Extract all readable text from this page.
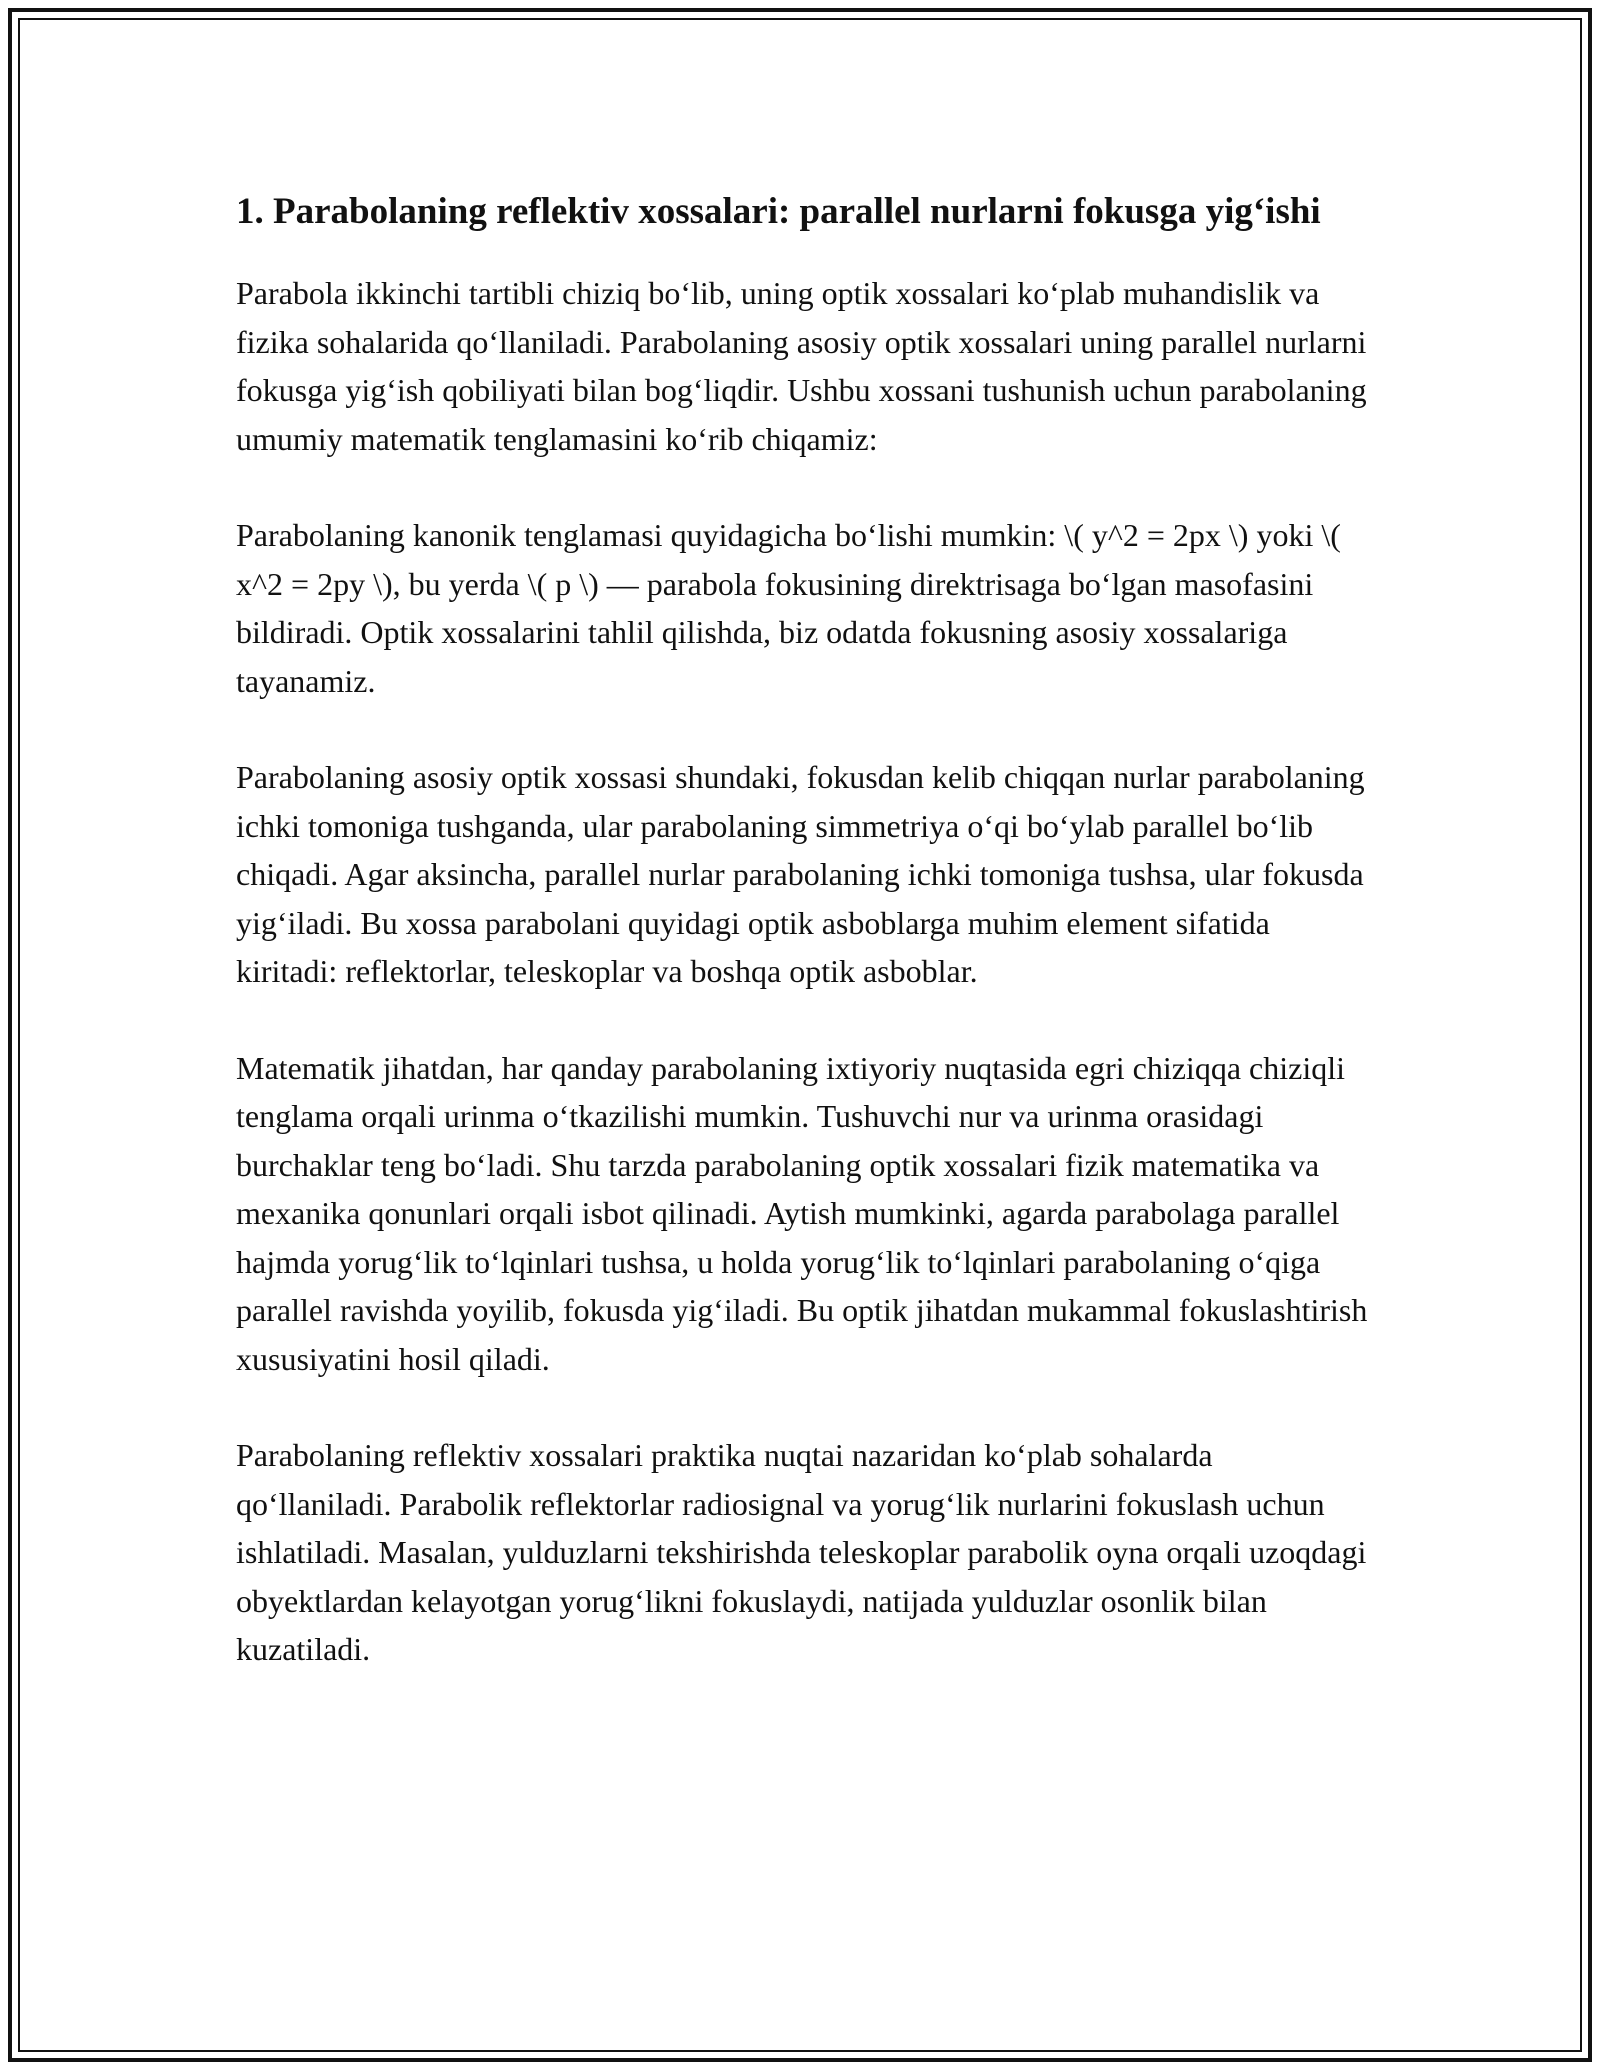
1. Parabolaning reflektiv xossalari: parallel nurlarni fokusga yig‘ishi

Parabola ikkinchi tartibli chiziq bo‘lib, uning optik xossalari ko‘plab muhandislik va fizika sohalarida qo‘llaniladi. Parabolaning asosiy optik xossalari uning parallel nurlarni fokusga yig‘ish qobiliyati bilan bog‘liqdir. Ushbu xossani tushunish uchun parabolaning umumiy matematik tenglamasini ko‘rib chiqamiz:

Parabolaning kanonik tenglamasi quyidagicha bo‘lishi mumkin: \( y^2 = 2px \) yoki \( x^2 = 2py \), bu yerda \( p \) — parabola fokusining direktrisaga bo‘lgan masofasini bildiradi. Optik xossalarini tahlil qilishda, biz odatda fokusning asosiy xossalariga tayanamiz.

Parabolaning asosiy optik xossasi shundaki, fokusdan kelib chiqqan nurlar parabolaning ichki tomoniga tushganda, ular parabolaning simmetriya o‘qi bo‘ylab parallel bo‘lib chiqadi. Agar aksincha, parallel nurlar parabolaning ichki tomoniga tushsa, ular fokusda yig‘iladi. Bu xossa parabolani quyidagi optik asboblarga muhim element sifatida kiritadi: reflektorlar, teleskoplar va boshqa optik asboblar.

Matematik jihatdan, har qanday parabolaning ixtiyoriy nuqtasida egri chiziqqa chiziqli tenglama orqali urinma o‘tkazilishi mumkin. Tushuvchi nur va urinma orasidagi burchaklar teng bo‘ladi. Shu tarzda parabolaning optik xossalari fizik matematika va mexanika qonunlari orqali isbot qilinadi. Aytish mumkinki, agarda parabolaga parallel hajmda yorug‘lik to‘lqinlari tushsa, u holda yorug‘lik to‘lqinlari parabolaning o‘qiga parallel ravishda yoyilib, fokusda yig‘iladi. Bu optik jihatdan mukammal fokuslashtirish xususiyatini hosil qiladi.

Parabolaning reflektiv xossalari praktika nuqtai nazaridan ko‘plab sohalarda qo‘llaniladi. Parabolik reflektorlar radiosignal va yorug‘lik nurlarini fokuslash uchun ishlatiladi. Masalan, yulduzlarni tekshirishda teleskoplar parabolik oyna orqali uzoqdagi obyektlardan kelayotgan yorug‘likni fokuslaydi, natijada yulduzlar osonlik bilan kuzatiladi.
